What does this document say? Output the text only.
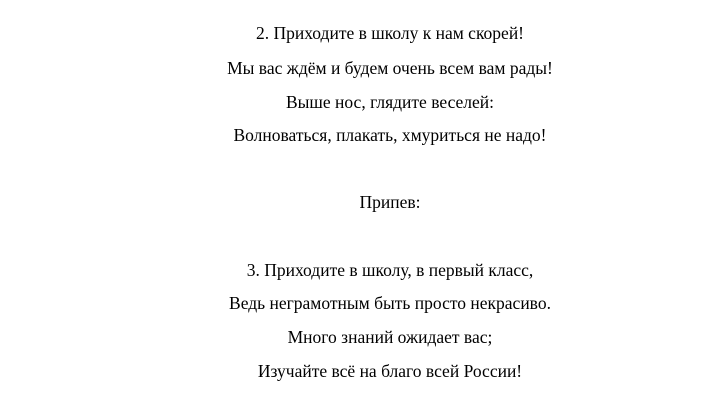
2. Приходите в школу к нам скорей!
Мы вас ждём и будем очень всем вам рады!
Выше нос, глядите веселей:
Волноваться, плакать, хмуриться не надо!
Припев:
3. Приходите в школу, в первый класс,
Ведь неграмотным быть просто некрасиво.
Много знаний ожидает вас;
Изучайте всё на благо всей России!
